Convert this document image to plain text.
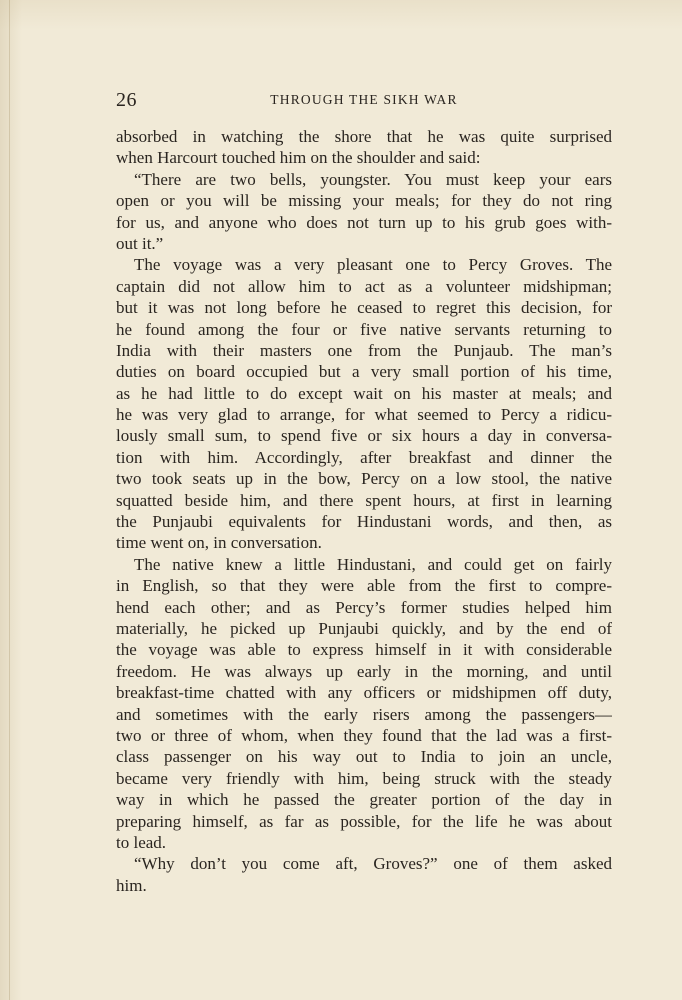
26	THROUGH THE SIKH WAR
absorbed in watching the shore that he was quite surprised
when Harcourt touched him on the shoulder and said:
“There are two bells, youngster. You must keep your ears
open or you will be missing your meals; for they do not ring
for us, and anyone who does not turn up to his grub goes with-
out it.”
The voyage was a very pleasant one to Percy Groves. The
captain did not allow him to act as a volunteer midshipman;
but it was not long before he ceased to regret this decision, for
he found among the four or five native servants returning to
India with their masters one from the Punjaub. The man’s
duties on board occupied but a very small portion of his time,
as he had little to do except wait on his master at meals; and
he was very glad to arrange, for what seemed to Percy a ridicu-
lously small sum, to spend five or six hours a day in conversa-
tion with him. Accordingly, after breakfast and dinner the
two took seats up in the bow, Percy on a low stool, the native
squatted beside him, and there spent hours, at first in learning
the Punjaubi equivalents for Hindustani words, and then, as
time went on, in conversation.
The native knew a little Hindustani, and could get on fairly
in English, so that they were able from the first to compre-
hend each other; and as Percy’s former studies helped him
materially, he picked up Punjaubi quickly, and by the end of
the voyage was able to express himself in it with considerable
freedom. He was always up early in the morning, and until
breakfast-time chatted with any officers or midshipmen off duty,
and sometimes with the early risers among the passengers—
two or three of whom, when they found that the lad was a first-
class passenger on his way out to India to join an uncle,
became very friendly with him, being struck with the steady
way in which he passed the greater portion of the day in
preparing himself, as far as possible, for the life he was about
to lead.
“Why don’t you come aft, Groves?” one of them asked
him.
